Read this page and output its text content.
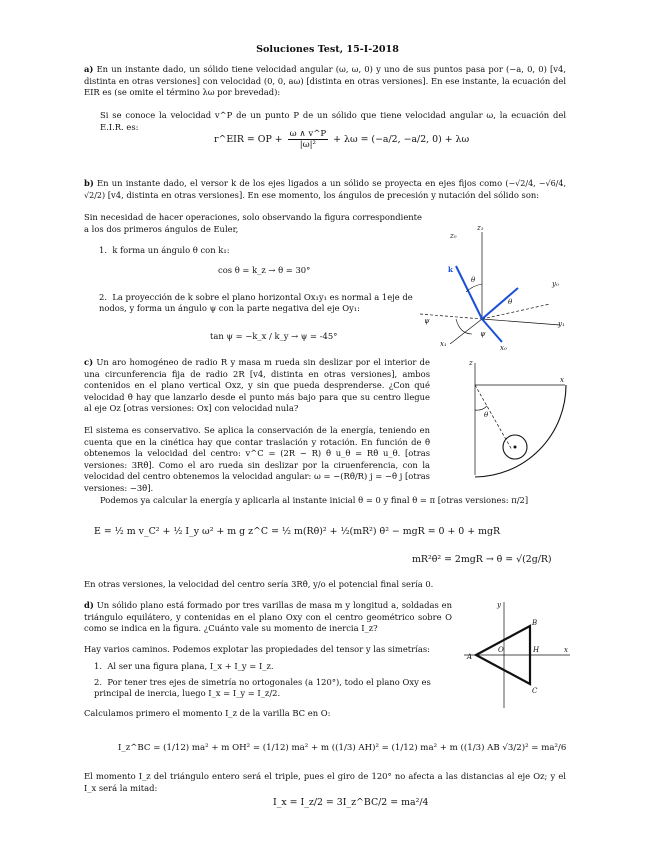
Soluciones Test, 15-I-2018
a) En un instante dado, un sólido tiene velocidad angular (ω, ω, 0) y uno de sus puntos pasa por (−a, 0, 0) [v4, distinta en otras versiones] con velocidad (0, 0, aω) [distinta en otras versiones]. En ese instante, la ecuación del EIR es (se omite el término λω por brevedad):
Si se conoce la velocidad v^P de un punto P de un sólido que tiene velocidad angular ω, la ecuación del E.I.R. es:
r^EIR = OP + $\frac{\omega \wedge v\^{}P}{\text{|ω|²}} + \lambda\omega = (-a/2$, −a/2, 0) + λω
b) En un instante dado, el versor k de los ejes ligados a un sólido se proyecta en ejes fijos como (−√2/4, −√6/4, √2/2) [v4, distinta en otras versiones]. En ese momento, los ángulos de precesión y nutación del sólido son:
Sin necesidad de hacer operaciones, solo observando la figura correspondiente a los dos primeros ángulos de Euler,
1.  k forma un ángulo θ con k₁:
cos θ = k_z → θ = 30°
2.  La proyección de k sobre el plano horizontal Ox₁y₁ es normal a 1eje de nodos, y forma un ángulo ψ con la parte negativa del eje Oy₁:
tan ψ = −k_x / k_y → ψ = -45°
z₁
z₀
k
θ	y₀
ψ	y₁
x₁	x₀
θ
ψ
c) Un aro homogéneo de radio R y masa m rueda sin deslizar por el interior de una circunferencia fija de radio 2R [v4, distinta en otras versiones], ambos contenidos en el plano vertical Oxz, y sin que pueda desprenderse. ¿Con qué velocidad θ̇ hay que lanzarlo desde el punto más bajo para que su centro llegue al eje Oz [otras versiones: Ox] con velocidad nula?
El sistema es conservativo. Se aplica la conservación de la energía, teniendo en cuenta que en la cinética hay que contar traslación y rotación. En función de θ̇ obtenemos la velocidad del centro: v^C = (2R − R) θ̇ u_θ = Rθ̇ u_θ. [otras versiones: 3Rθ̇]. Como el aro rueda sin deslizar por la ciruenferencia, con la velocidad del centro obtenemos la velocidad angular: ω = −(Rθ̇/R) j = −θ̇ j [otras versiones: −3θ̇].
Podemos ya calcular la energía y aplicarla al instante inicial θ = 0 y final θ = π [otras versiones: π/2]
E = ½ m v_C² + ½ I_y ω² + m g z^C = ½ m(Rθ̇)² + ½(mR²) θ̇² − mgR = 0 + 0 + mgR
mR²θ̇² = 2mgR → θ̇ = √(2g/R)
En otras versiones, la velocidad del centro sería 3Rθ̇, y/o el potencial final sería 0.
z
x
θ
d) Un sólido plano está formado por tres varillas de masa m y longitud a, soldadas en triángulo equilátero, y contenidas en el plano Oxy con el centro geométrico sobre O como se indica en la figura. ¿Cuánto vale su momento de inercia I_z?
Hay varios caminos. Podemos explotar las propiedades del tensor y las simetrías:
1.  Al ser una figura plana, I_x + I_y = I_z.
2.  Por tener tres ejes de simetría no ortogonales (a 120°), todo el plano Oxy es principal de inercia, luego I_x = I_y = I_z/2.
Calculamos primero el momento I_z de la varilla BC en O:
I_z^BC = (1/12) ma² + m OH² = (1/12) ma² + m ((1/3) AH)² = (1/12) ma² + m ((1/3) AB √3/2)² = ma²/6
El momento I_z del triángulo entero será el triple, pues el giro de 120° no afecta a las distancias al eje Oz; y el I_x será la mitad:
I_x = I_z/2 = 3I_z^BC/2 = ma²/4
y
x
A
O	H
B
C
